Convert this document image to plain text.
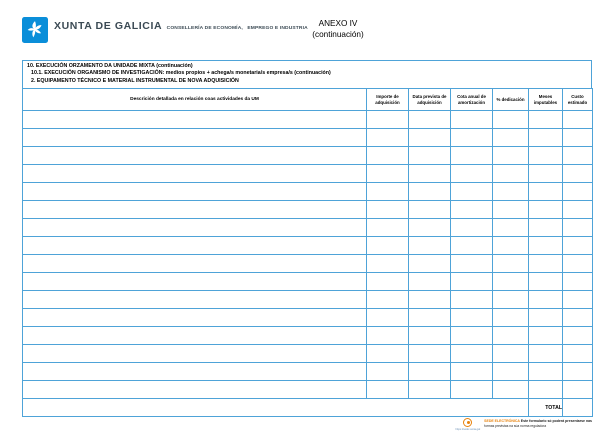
XUNTA DE GALICIA CONSELLERÍA DE ECONOMÍA, EMPREGO E INDUSTRIA
ANEXO IV
(continuación)
10. EXECUCIÓN ORZAMENTO DA UNIDADE MIXTA (continuación)
10.1. EXECUCIÓN ORGANISMO DE INVESTIGACIÓN: medios propios + achega/s monetaria/s empresa/s (continuación)
2. EQUIPAMENTO TÉCNICO E MATERIAL INSTRUMENTAL DE NOVA ADQUISICIÓN
Descrición detallada en relación coas actividades da UM	Importe de adquisición	Data prevista de adquisición	Cota anual de amortización	% dedicación	Meses imputables	Custo estimado

					TOTAL	
https://sede.xunta.gal
SEDE ELECTRÓNICA Este formulario só poderá presentarse nas
formas previstas na súa norma reguladora
